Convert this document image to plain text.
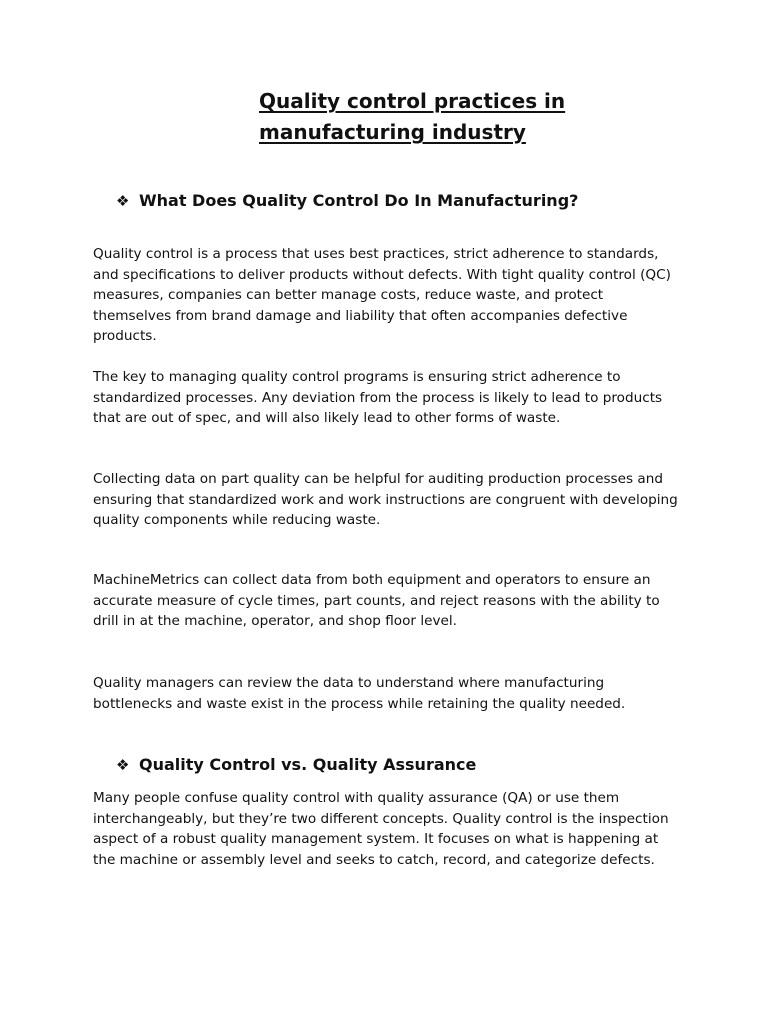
Quality control practices in manufacturing industry
❖ What Does Quality Control Do In Manufacturing?

Quality control is a process that uses best practices, strict adherence to standards, and specifications to deliver products without defects. With tight quality control (QC) measures, companies can better manage costs, reduce waste, and protect themselves from brand damage and liability that often accompanies defective products.

The key to managing quality control programs is ensuring strict adherence to standardized processes. Any deviation from the process is likely to lead to products that are out of spec, and will also likely lead to other forms of waste.

Collecting data on part quality can be helpful for auditing production processes and ensuring that standardized work and work instructions are congruent with developing quality components while reducing waste.

MachineMetrics can collect data from both equipment and operators to ensure an accurate measure of cycle times, part counts, and reject reasons with the ability to drill in at the machine, operator, and shop floor level.

Quality managers can review the data to understand where manufacturing bottlenecks and waste exist in the process while retaining the quality needed.

❖ Quality Control vs. Quality Assurance

Many people confuse quality control with quality assurance (QA) or use them interchangeably, but they’re two different concepts. Quality control is the inspection aspect of a robust quality management system. It focuses on what is happening at the machine or assembly level and seeks to catch, record, and categorize defects.
